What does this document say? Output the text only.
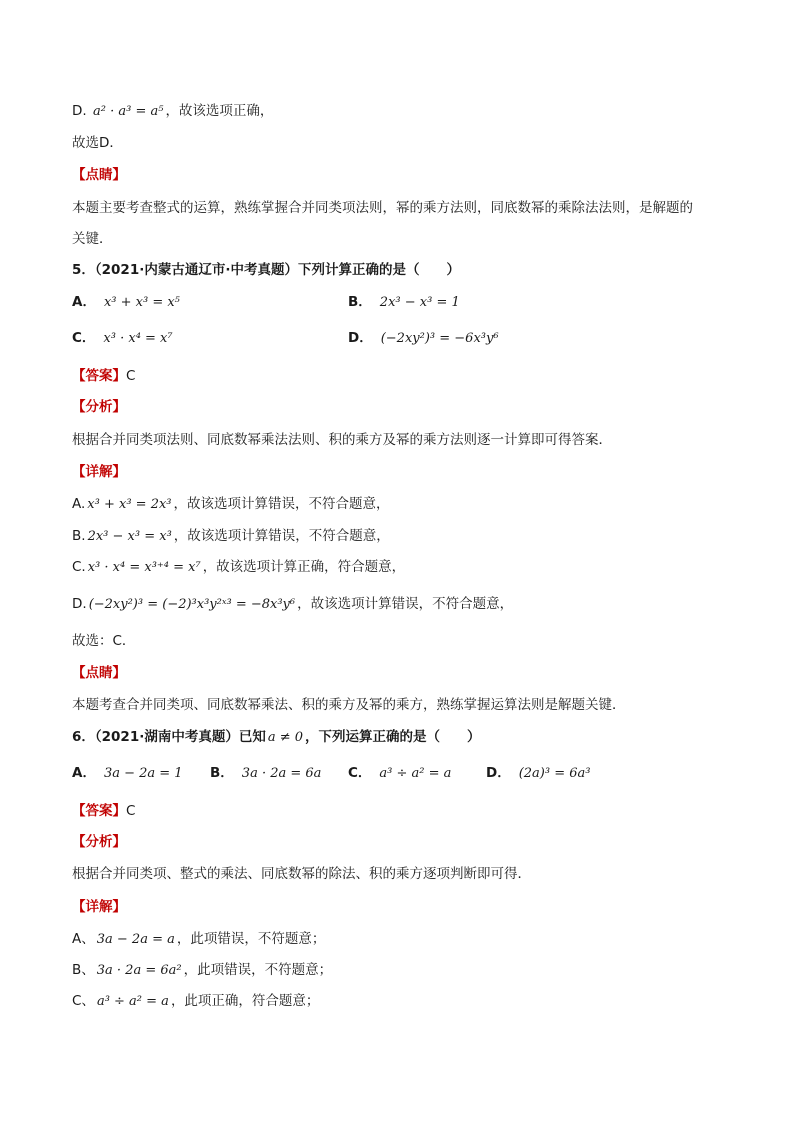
D. a² · a³ = a⁵ ，故该选项正确，
故选D．
【点睛】
本题主要考查整式的运算，熟练掌握合并同类项法则，幂的乘方法则，同底数幂的乘除法法则，是解题的
关键．
5．（2021·内蒙古通辽市·中考真题）下列计算正确的是（　　）
A． x³ + x³ = x⁵	B． 2x³ − x³ = 1
C． x³ · x⁴ = x⁷	D． (−2xy²)³ = −6x³y⁶
【答案】C
【分析】
根据合并同类项法则、同底数幂乘法法则、积的乘方及幂的乘方法则逐一计算即可得答案．
【详解】
A. x³ + x³ = 2x³ ，故该选项计算错误，不符合题意，
B. 2x³ − x³ = x³ ，故该选项计算错误，不符合题意，
C. x³ · x⁴ = x³⁺⁴ = x⁷ ，故该选项计算正确，符合题意，
D. (−2xy²)³ = (−2)³x³y²ˣ³ = −8x³y⁶ ，故该选项计算错误，不符合题意，
故选：C．
【点睛】
本题考查合并同类项、同底数幂乘法、积的乘方及幂的乘方，熟练掌握运算法则是解题关键．
6．（2021·湖南中考真题）已知 a ≠ 0 ，下列运算正确的是（　　）
A． 3a − 2a = 1 B． 3a · 2a = 6a C． a³ ÷ a² = a	D． (2a)³ = 6a³
【答案】C
【分析】
根据合并同类项、整式的乘法、同底数幂的除法、积的乘方逐项判断即可得．
【详解】
A、 3a − 2a = a ，此项错误，不符题意；
B、 3a · 2a = 6a² ，此项错误，不符题意；
C、 a³ ÷ a² = a ，此项正确，符合题意；
